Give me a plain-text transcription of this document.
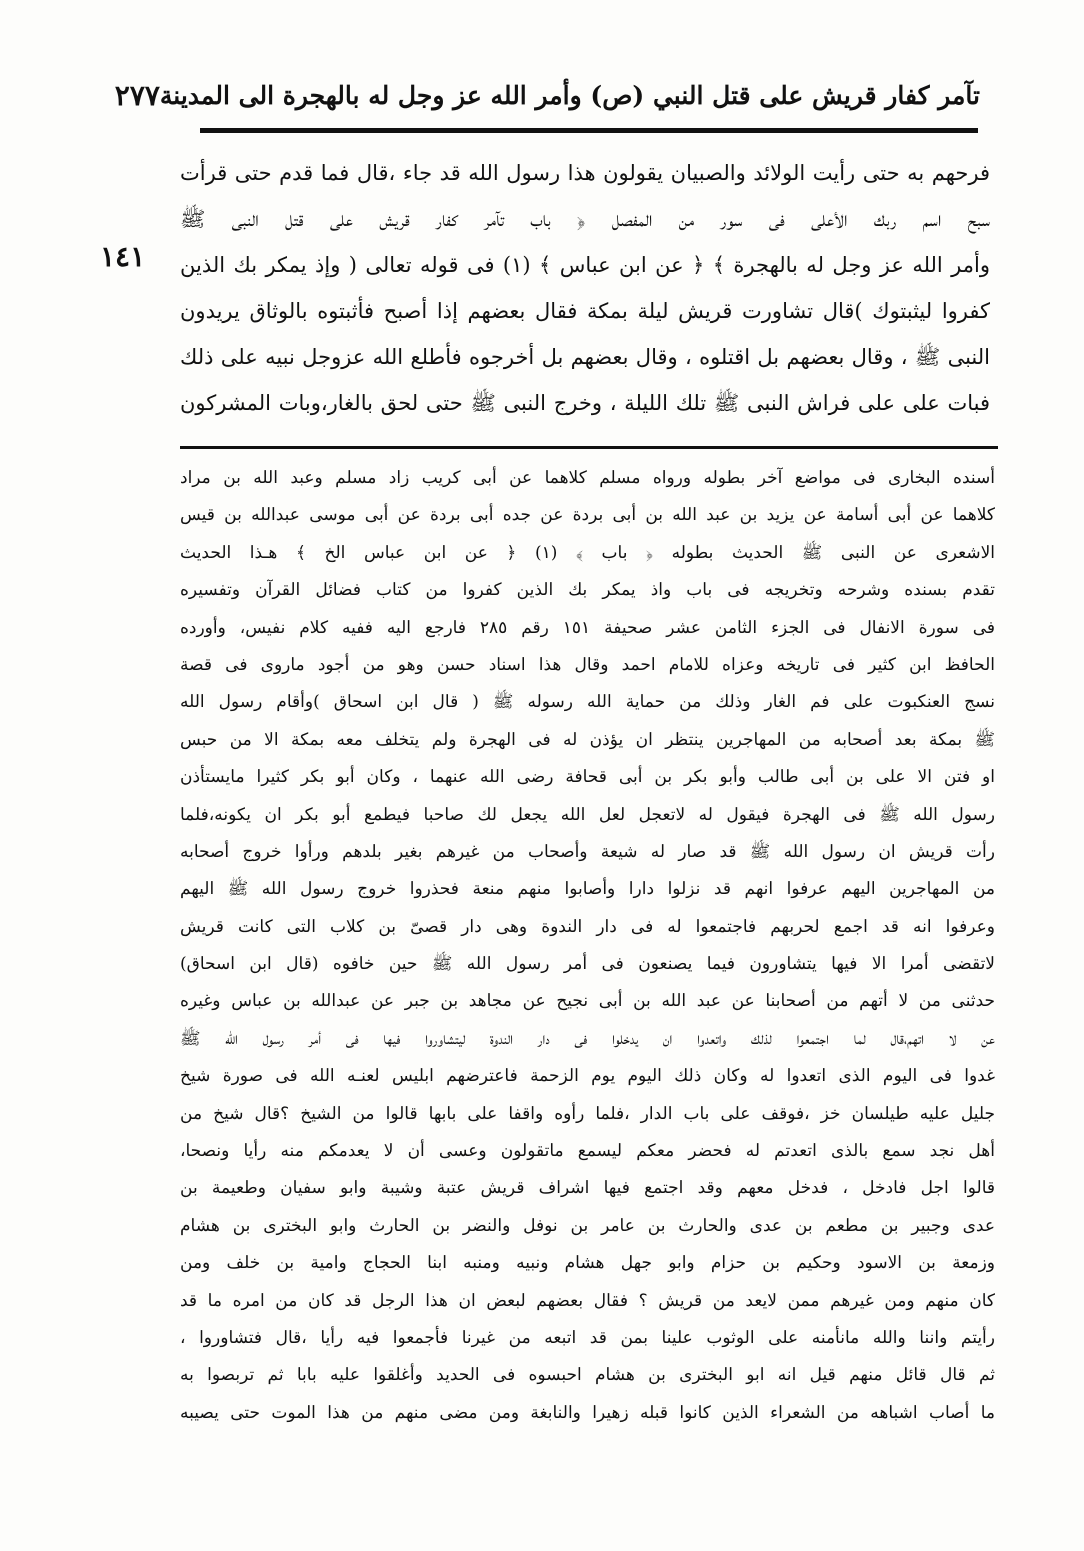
تآمر كفار قريش على قتل النبي (ص) وأمر الله عز وجل له بالهجرة الى المدينة
٢٧٧
١٤١
فرحهم به حتى رأيت الولائد والصبيان يقولون هذا رسول الله قد جاء ،قال فما قدم حتى قرأت
سبح اسم ربك الأعلى فى سور من المفصل ﴿ باب تآمر كفار قريش على قتل النبى ﷺ
وأمر الله عز وجل له بالهجرة ﴾ ﴿ عن ابن عباس ﴾ (١) فى قوله تعالى ( وإذ يمكر بك الذين
كفروا ليثبتوك )قال تشاورت قريش ليلة بمكة فقال بعضهم إذا أصبح فأثبتوه بالوثاق يريدون
النبى ﷺ ، وقال بعضهم بل اقتلوه ، وقال بعضهم بل أخرجوه فأطلع الله عزوجل نبيه على ذلك
فبات على على فراش النبى ﷺ تلك الليلة ، وخرج النبى ﷺ حتى لحق بالغار،وبات المشركون
أسنده البخارى فى مواضع آخر بطوله ورواه مسلم كلاهما عن أبى كريب زاد مسلم وعبد الله بن مراد
كلاهما عن أبى أسامة عن يزيد بن عبد الله بن أبى بردة عن جده أبى بردة عن أبى موسى عبدالله بن قيس
الاشعرى عن النبى ﷺ الحديث بطوله ﴿ باب ﴾ (١) ﴿ عن ابن عباس الخ ﴾ هـذا الحديث
تقدم بسنده وشرحه وتخريجه فى باب واذ يمكر بك الذين كفروا من كتاب فضائل القرآن وتفسيره
فى سورة الانفال فى الجزء الثامن عشر صحيفة ١٥١ رقم ٢٨٥ فارجع اليه ففيه كلام نفيس، وأورده
الحافظ ابن كثير فى تاريخه وعزاه للامام احمد وقال هذا اسناد حسن وهو من أجود ماروى فى قصة
نسج العنكبوت على فم الغار وذلك من حماية الله رسوله ﷺ ( قال ابن اسحاق )وأقام رسول الله
ﷺ بمكة بعد أصحابه من المهاجرين ينتظر ان يؤذن له فى الهجرة ولم يتخلف معه بمكة الا من حبس
او فتن الا على بن أبى طالب وأبو بكر بن أبى قحافة رضى الله عنهما ، وكان أبو بكر كثيرا مايستأذن
رسول الله ﷺ فى الهجرة فيقول له لاتعجل لعل الله يجعل لك صاحبا فيطمع أبو بكر ان يكونه،فلما
رأت قريش ان رسول الله ﷺ قد صار له شيعة وأصحاب من غيرهم بغير بلدهم ورأوا خروج أصحابه
من المهاجرين اليهم عرفوا انهم قد نزلوا دارا وأصابوا منهم منعة فحذروا خروج رسول الله ﷺ اليهم
وعرفوا انه قد اجمع لحربهم فاجتمعوا له فى دار الندوة وهى دار قصىّ بن كلاب التى كانت قريش
لاتقضى أمرا الا فيها يتشاورون فيما يصنعون فى أمر رسول الله ﷺ حين خافوه (قال ابن اسحاق)
حدثنى من لا أتهم من أصحابنا عن عبد الله بن أبى نجيح عن مجاهد بن جبر عن عبدالله بن عباس وغيره
عن لا اتهم،قال لما اجتمعوا لذلك واتعدوا ان يدخلوا فى دار الندوة ليتشاوروا فيها فى أمر رسول الله ﷺ
غدوا فى اليوم الذى اتعدوا له وكان ذلك اليوم يوم الزحمة فاعترضهم ابليس لعنـه الله فى صورة شيخ
جليل عليه طيلسان خز ،فوقف على باب الدار ،فلما رأوه واقفا على بابها قالوا من الشيخ ؟قال شيخ من
أهل نجد سمع بالذى اتعدتم له فحضر معكم ليسمع ماتقولون وعسى أن لا يعدمكم منه رأيا ونصحا،
قالوا اجل فادخل ، فدخل معهم وقد اجتمع فيها اشراف قريش عتبة وشيبة وابو سفيان وطعيمة بن
عدى وجبير بن مطعم بن عدى والحارث بن عامر بن نوفل والنضر بن الحارث وابو البخترى بن هشام
وزمعة بن الاسود وحكيم بن حزام وابو جهل هشام ونبيه ومنبه ابنا الحجاج وامية بن خلف ومن
كان منهم ومن غيرهم ممن لايعد من قريش ؟ فقال بعضهم لبعض ان هذا الرجل قد كان من امره ما قد
رأيتم واننا والله مانأمنه على الوثوب علينا بمن قد اتبعه من غيرنا فأجمعوا فيه رأيا ،قال فتشاوروا ،
ثم قال قائل منهم قيل انه ابو البخترى بن هشام احبسوه فى الحديد وأغلقوا عليه بابا ثم تربصوا به
ما أصاب اشباهه من الشعراء الذين كانوا قبله زهيرا والنابغة ومن مضى منهم من هذا الموت حتى يصيبه
